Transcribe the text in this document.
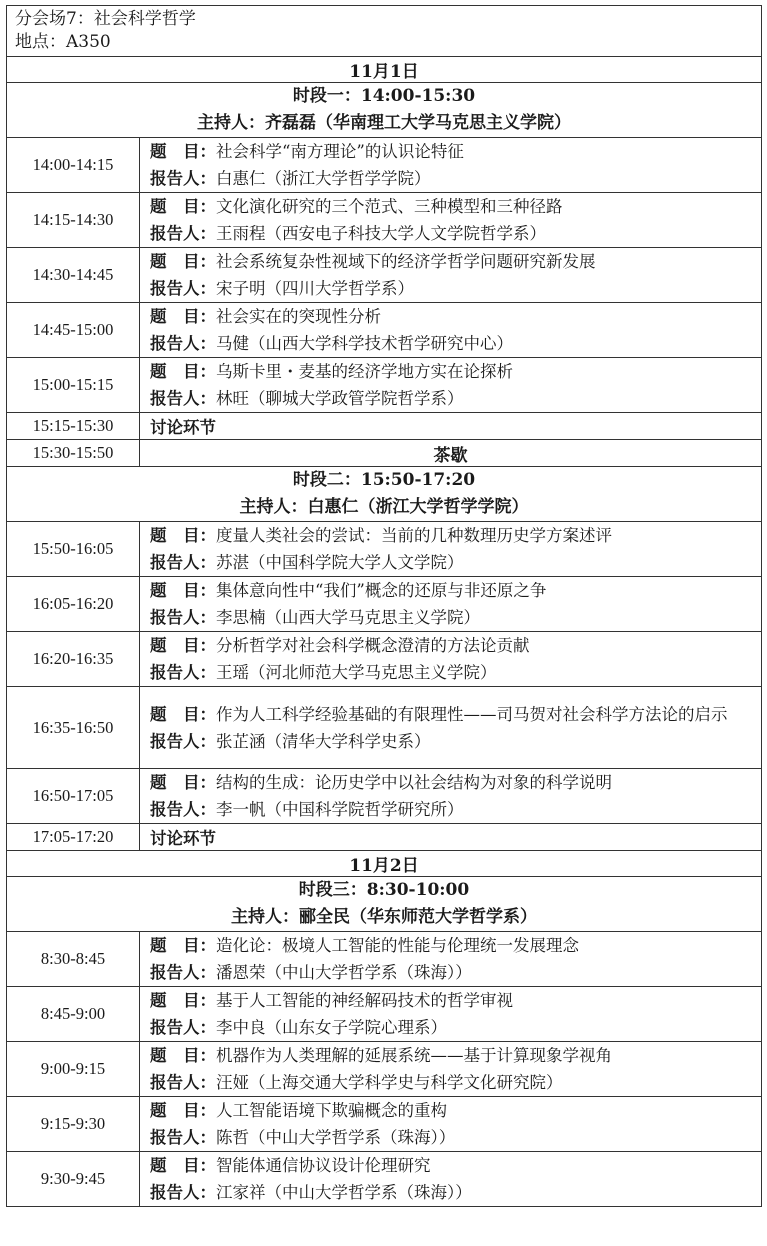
分会场7：社会科学哲学
地点：A350	

11月1日	

时段一：14:00-15:30
主持人：齐磊磊（华南理工大学马克思主义学院）	

14:00-14:15	题　目：社会科学“南方理论”的认识论特征
报告人：白惠仁（浙江大学哲学学院）

14:15-14:30	题　目：文化演化研究的三个范式、三种模型和三种径路
报告人：王雨程（西安电子科技大学人文学院哲学系）

14:30-14:45	题　目：社会系统复杂性视域下的经济学哲学问题研究新发展
报告人：宋子明（四川大学哲学系）

14:45-15:00	题　目：社会实在的突现性分析
报告人：马健（山西大学科学技术哲学研究中心）

15:00-15:15	题　目：乌斯卡里・麦基的经济学地方实在论探析
报告人：林旺（聊城大学政管学院哲学系）

15:15-15:30	讨论环节
15:30-15:50	茶歇

时段二：15:50-17:20
主持人：白惠仁（浙江大学哲学学院）	

15:50-16:05	题　目：度量人类社会的尝试：当前的几种数理历史学方案述评
报告人：苏湛（中国科学院大学人文学院）

16:05-16:20	题　目：集体意向性中“我们”概念的还原与非还原之争
报告人：李思楠（山西大学马克思主义学院）

16:20-16:35	题　目：分析哲学对社会科学概念澄清的方法论贡献
报告人：王瑶（河北师范大学马克思主义学院）

16:35-16:50	题　目：作为人工科学经验基础的有限理性——司马贺对社会科学方法论的启示
报告人：张芷涵（清华大学科学史系）

16:50-17:05	题　目：结构的生成：论历史学中以社会结构为对象的科学说明
报告人：李一帆（中国科学院哲学研究所）

17:05-17:20	讨论环节
11月2日	

时段三：8:30-10:00
主持人：郦全民（华东师范大学哲学系）	

8:30-8:45	题　目：造化论：极境人工智能的性能与伦理统一发展理念
报告人：潘恩荣（中山大学哲学系（珠海））

8:45-9:00	题　目：基于人工智能的神经解码技术的哲学审视
报告人：李中良（山东女子学院心理系）

9:00-9:15	题　目：机器作为人类理解的延展系统——基于计算现象学视角
报告人：汪娅（上海交通大学科学史与科学文化研究院）

9:15-9:30	题　目：人工智能语境下欺骗概念的重构
报告人：陈哲（中山大学哲学系（珠海））

9:30-9:45	题　目：智能体通信协议设计伦理研究
报告人：江家祥（中山大学哲学系（珠海））
